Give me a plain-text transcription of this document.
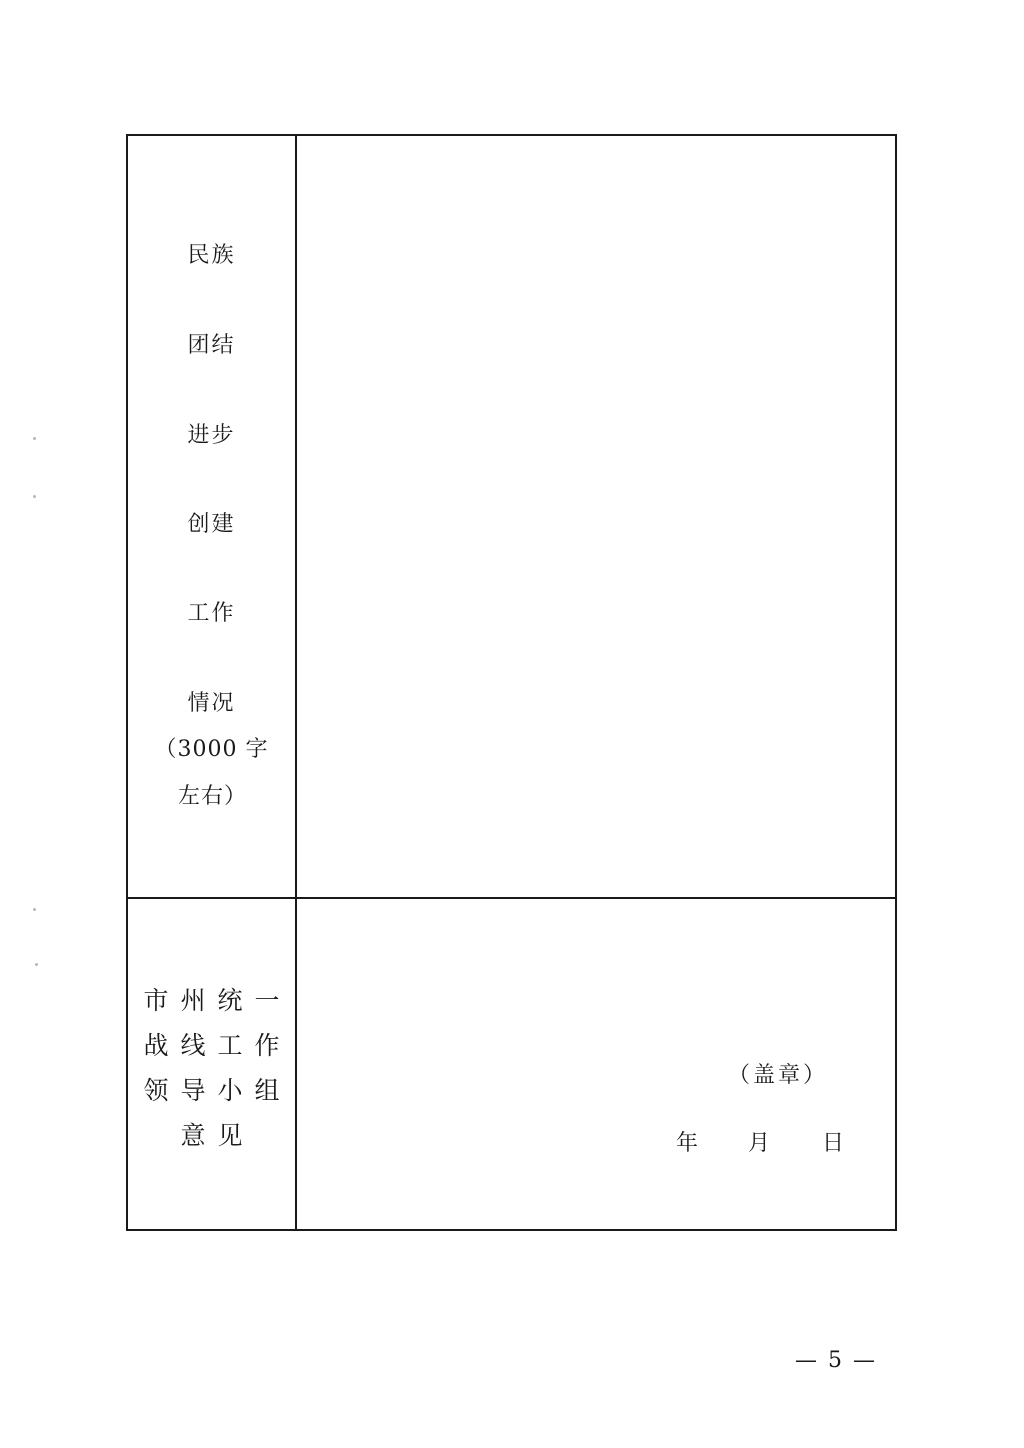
民族
团结
进步
创建
工作
情况
（3000 字
左右）
市州统一
战线工作
领导小组
意见
（盖章）
年 月 日
— 5 —
